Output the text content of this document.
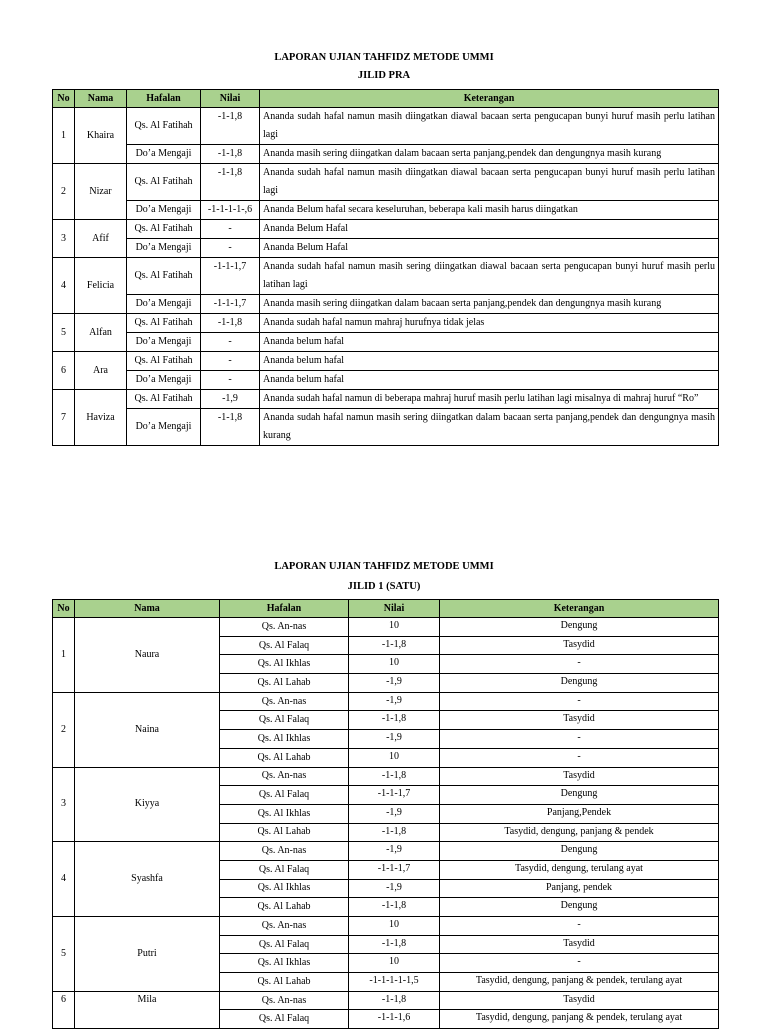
LAPORAN UJIAN TAHFIDZ METODE UMMI
JILID PRA
No	Nama	Hafalan	Nilai	Keterangan
1	Khaira	Qs. Al Fatihah	-1-1,8	Ananda sudah hafal namun masih diingatkan diawal bacaan serta pengucapan bunyi huruf masih perlu latihan lagi
		Do’a Mengaji	-1-1,8	Ananda masih sering diingatkan dalam bacaan serta panjang,pendek dan dengungnya masih kurang
2	Nizar	Qs. Al Fatihah	-1-1,8	Ananda sudah hafal namun masih diingatkan diawal bacaan serta pengucapan bunyi huruf masih perlu latihan lagi
		Do’a Mengaji	-1-1-1-1-,6	Ananda Belum hafal secara keseluruhan, beberapa kali masih harus diingatkan
3	Afif	Qs. Al Fatihah	-	Ananda Belum Hafal
		Do’a Mengaji	-	Ananda Belum Hafal
4	Felicia	Qs. Al Fatihah	-1-1-1,7	Ananda sudah hafal namun masih sering diingatkan diawal bacaan serta pengucapan bunyi huruf masih perlu latihan lagi
		Do’a Mengaji	-1-1-1,7	Ananda masih sering diingatkan dalam bacaan serta panjang,pendek dan dengungnya masih kurang
5	Alfan	Qs. Al Fatihah	-1-1,8	Ananda sudah hafal namun mahraj hurufnya tidak jelas
		Do’a Mengaji	-	Ananda belum hafal
6	Ara	Qs. Al Fatihah	-	Ananda belum hafal
		Do’a Mengaji	-	Ananda belum hafal
7	Haviza	Qs. Al Fatihah	-1,9	Ananda sudah hafal namun di beberapa mahraj huruf masih perlu latihan lagi misalnya di mahraj huruf “Ro”
		Do’a Mengaji	-1-1,8	Ananda sudah hafal namun masih sering diingatkan dalam bacaan serta panjang,pendek dan dengungnya masih kurang
LAPORAN UJIAN TAHFIDZ METODE UMMI
JILID 1 (SATU)
No	Nama	Hafalan	Nilai	Keterangan
1	Naura	Qs. An-nas	10	Dengung
		Qs. Al Falaq	-1-1,8	Tasydid
		Qs. Al Ikhlas	10	-
		Qs. Al Lahab	-1,9	Dengung
2	Naina	Qs. An-nas	-1,9	-
		Qs. Al Falaq	-1-1,8	Tasydid
		Qs. Al Ikhlas	-1,9	-
		Qs. Al Lahab	10	-
3	Kiyya	Qs. An-nas	-1-1,8	Tasydid
		Qs. Al Falaq	-1-1-1,7	Dengung
		Qs. Al Ikhlas	-1,9	Panjang,Pendek
		Qs. Al Lahab	-1-1,8	Tasydid, dengung, panjang & pendek
4	Syashfa	Qs. An-nas	-1,9	Dengung
		Qs. Al Falaq	-1-1-1,7	Tasydid, dengung, terulang ayat
		Qs. Al Ikhlas	-1,9	Panjang, pendek
		Qs. Al Lahab	-1-1,8	Dengung
5	Putri	Qs. An-nas	10	-
		Qs. Al Falaq	-1-1,8	Tasydid
		Qs. Al Ikhlas	10	-
		Qs. Al Lahab	-1-1-1-1-1,5	Tasydid, dengung, panjang & pendek, terulang ayat
6	Mila	Qs. An-nas	-1-1,8	Tasydid
		Qs. Al Falaq	-1-1-1,6	Tasydid, dengung, panjang & pendek, terulang ayat
